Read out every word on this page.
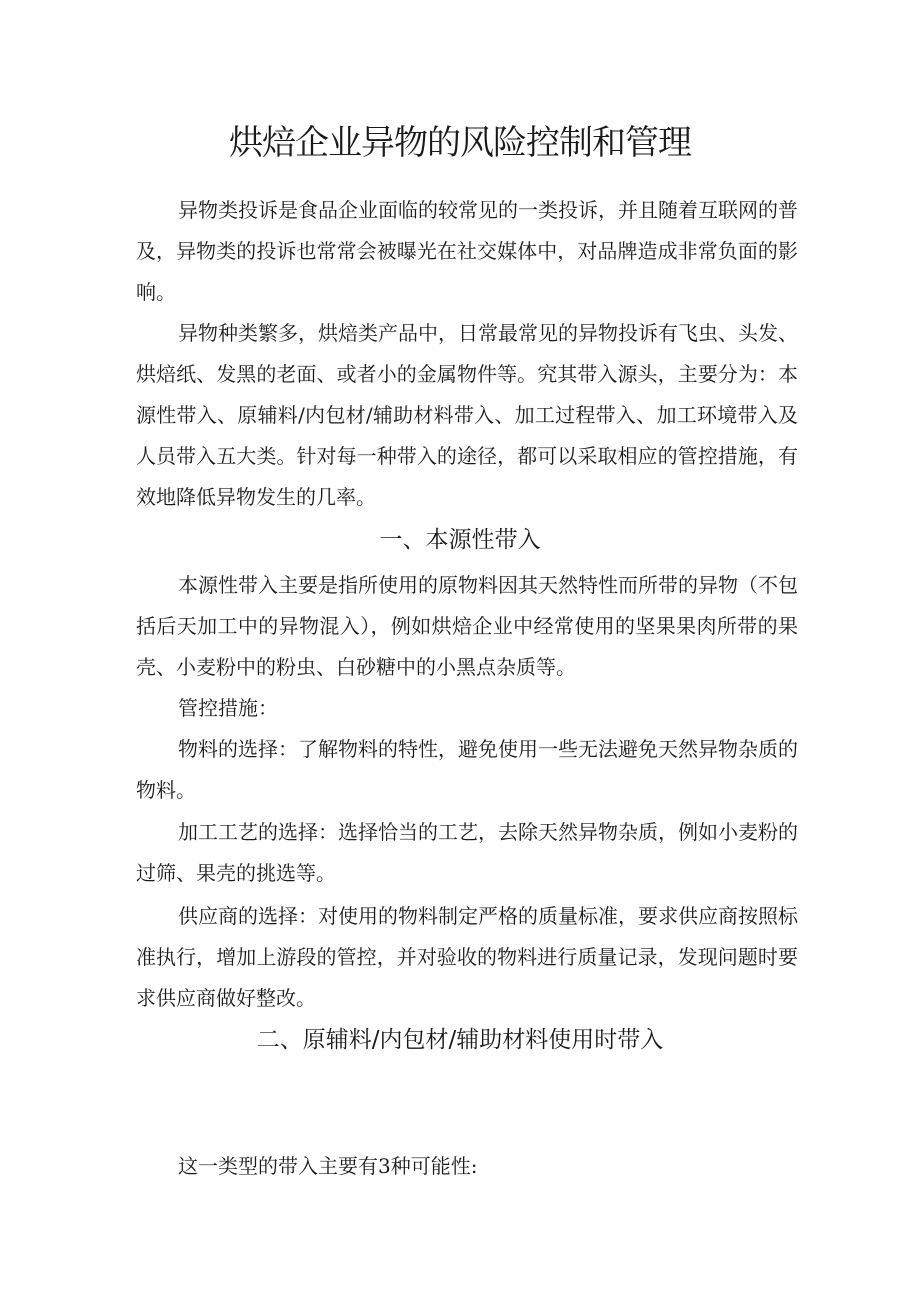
烘焙企业异物的风险控制和管理

异物类投诉是食品企业面临的较常见的一类投诉，并且随着互联网的普及，异物类的投诉也常常会被曝光在社交媒体中，对品牌造成非常负面的影响。

异物种类繁多，烘焙类产品中，日常最常见的异物投诉有飞虫、头发、烘焙纸、发黑的老面、或者小的金属物件等。究其带入源头，主要分为：本源性带入、原辅料/内包材/辅助材料带入、加工过程带入、加工环境带入及人员带入五大类。针对每一种带入的途径，都可以采取相应的管控措施，有效地降低异物发生的几率。

一、本源性带入

本源性带入主要是指所使用的原物料因其天然特性而所带的异物（不包括后天加工中的异物混入），例如烘焙企业中经常使用的坚果果肉所带的果壳、小麦粉中的粉虫、白砂糖中的小黑点杂质等。

管控措施：

物料的选择：了解物料的特性，避免使用一些无法避免天然异物杂质的物料。

加工工艺的选择：选择恰当的工艺，去除天然异物杂质，例如小麦粉的过筛、果壳的挑选等。

供应商的选择：对使用的物料制定严格的质量标准，要求供应商按照标准执行，增加上游段的管控，并对验收的物料进行质量记录，发现问题时要求供应商做好整改。

二、原辅料/内包材/辅助材料使用时带入

这一类型的带入主要有3种可能性:
